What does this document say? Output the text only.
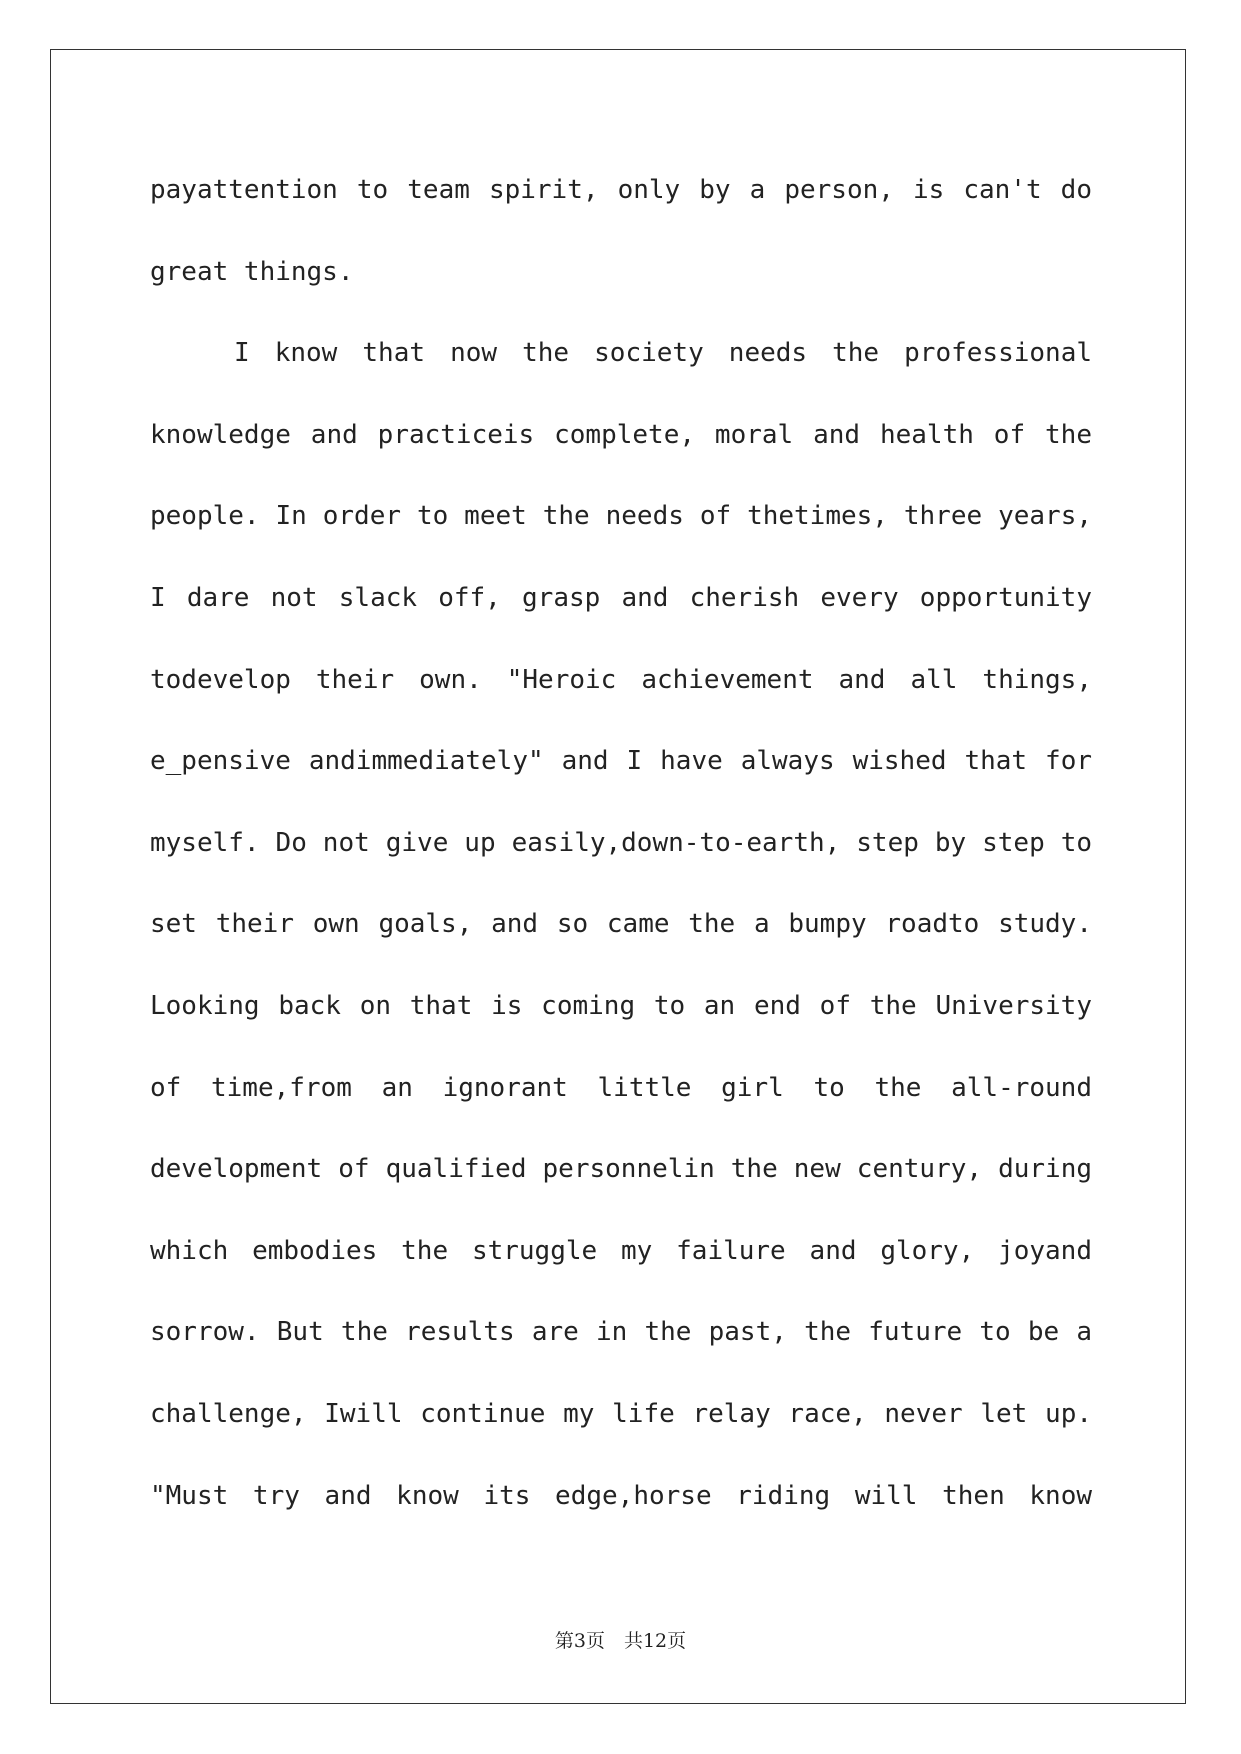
payattention to team spirit, only by a person, is can't do
great things.
I know that now the society needs the professional
knowledge and practiceis complete, moral and health of the
people. In order to meet the needs of thetimes, three years,
I dare not slack off, grasp and cherish every opportunity
todevelop their own. "Heroic achievement and all things,
e_pensive andimmediately" and I have always wished that for
myself. Do not give up easily,down-to-earth, step by step to
set their own goals, and so came the a bumpy roadto study.
Looking back on that is coming to an end of the University
of time,from an ignorant little girl to the all-round
development of qualified personnelin the new century, during
which embodies the struggle my failure and glory, joyand
sorrow. But the results are in the past, the future to be a
challenge, Iwill continue my life relay race, never let up.
"Must try and know its edge,horse riding will then know
第3页　共12页
